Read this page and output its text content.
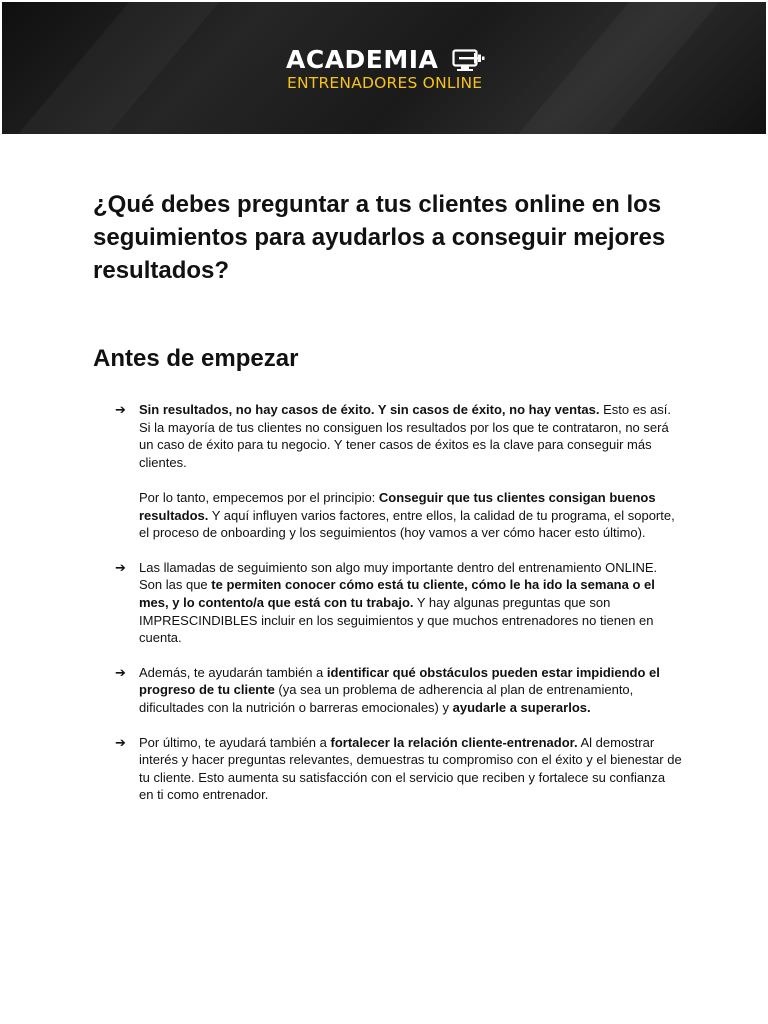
ACADEMIA
ENTRENADORES ONLINE
¿Qué debes preguntar a tus clientes online en los seguimientos para ayudarlos a conseguir mejores resultados?
Antes de empezar
➔ Sin resultados, no hay casos de éxito. Y sin casos de éxito, no hay ventas. Esto es así. Si la mayoría de tus clientes no consiguen los resultados por los que te contrataron, no será un caso de éxito para tu negocio. Y tener casos de éxitos es la clave para conseguir más clientes.

Por lo tanto, empecemos por el principio: Conseguir que tus clientes consigan buenos resultados. Y aquí influyen varios factores, entre ellos, la calidad de tu programa, el soporte, el proceso de onboarding y los seguimientos (hoy vamos a ver cómo hacer esto último).

➔ Las llamadas de seguimiento son algo muy importante dentro del entrenamiento ONLINE. Son las que te permiten conocer cómo está tu cliente, cómo le ha ido la semana o el mes, y lo contento/a que está con tu trabajo. Y hay algunas preguntas que son IMPRESCINDIBLES incluir en los seguimientos y que muchos entrenadores no tienen en cuenta.

➔ Además, te ayudarán también a identificar qué obstáculos pueden estar impidiendo el progreso de tu cliente (ya sea un problema de adherencia al plan de entrenamiento, dificultades con la nutrición o barreras emocionales) y ayudarle a superarlos.

➔ Por último, te ayudará también a fortalecer la relación cliente-entrenador. Al demostrar interés y hacer preguntas relevantes, demuestras tu compromiso con el éxito y el bienestar de tu cliente. Esto aumenta su satisfacción con el servicio que reciben y fortalece su confianza en ti como entrenador.
